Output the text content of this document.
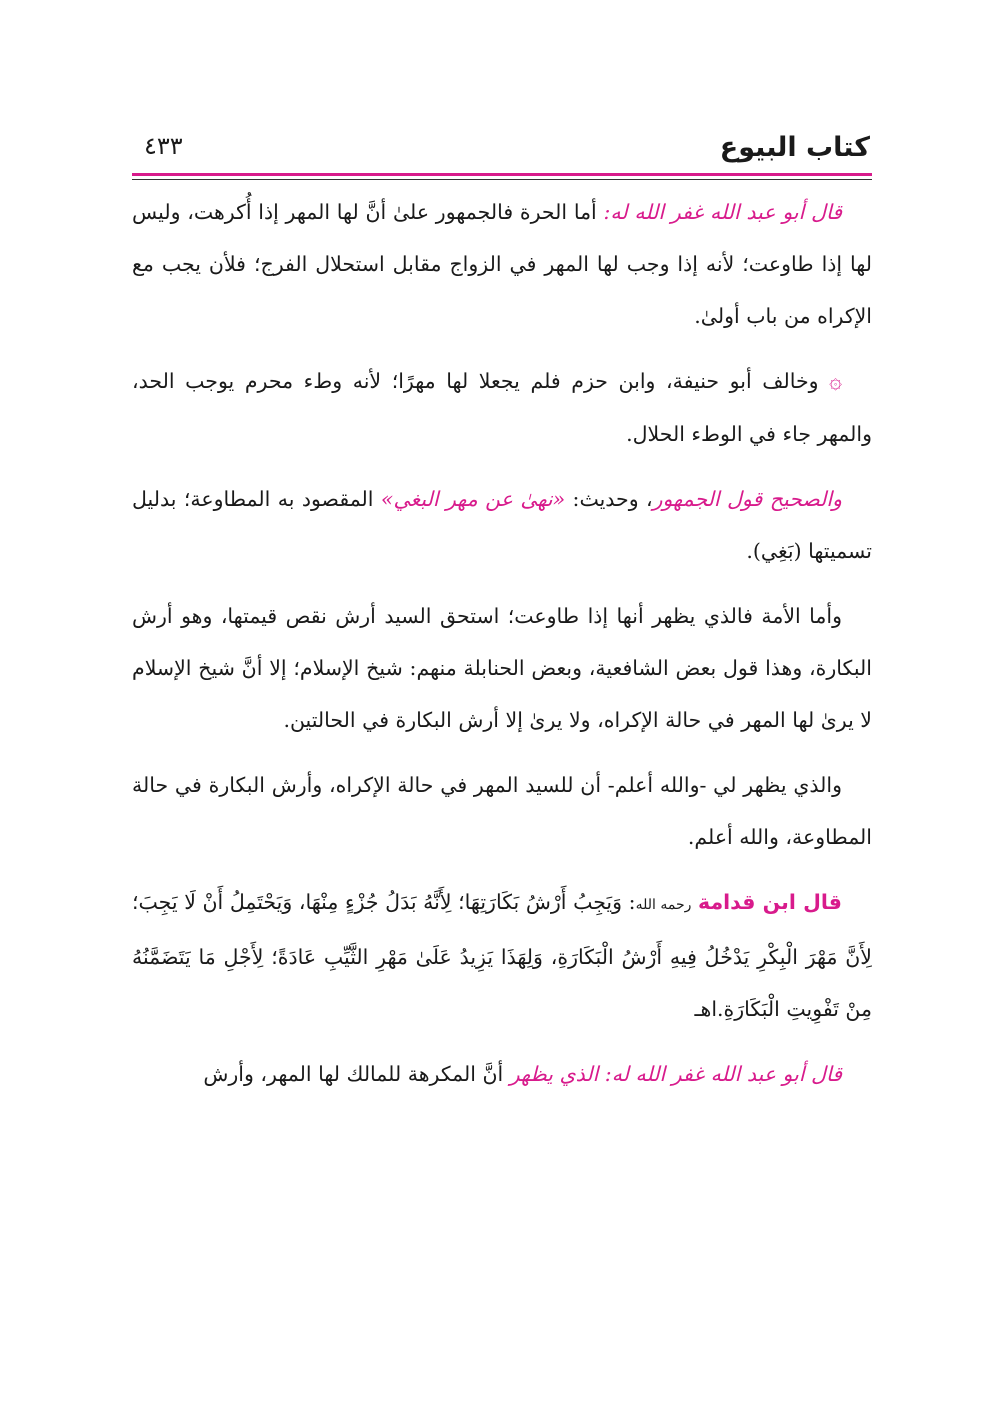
كتاب البيوع
٤٣٣

قال أبو عبد الله غفر الله له: أما الحرة فالجمهور علىٰ أنَّ لها المهر إذا أُكرهت، وليس لها إذا طاوعت؛ لأنه إذا وجب لها المهر في الزواج مقابل استحلال الفرج؛ فلأن يجب مع الإكراه من باب أولىٰ.

۞ وخالف أبو حنيفة، وابن حزم فلم يجعلا لها مهرًا؛ لأنه وطء محرم يوجب الحد، والمهر جاء في الوطء الحلال.

والصحيح قول الجمهور، وحديث: «نهىٰ عن مهر البغي» المقصود به المطاوعة؛ بدليل تسميتها (بَغِي).

وأما الأمة فالذي يظهر أنها إذا طاوعت؛ استحق السيد أرش نقص قيمتها، وهو أرش البكارة، وهذا قول بعض الشافعية، وبعض الحنابلة منهم: شيخ الإسلام؛ إلا أنَّ شيخ الإسلام لا يرىٰ لها المهر في حالة الإكراه، ولا يرىٰ إلا أرش البكارة في الحالتين.

والذي يظهر لي -والله أعلم- أن للسيد المهر في حالة الإكراه، وأرش البكارة في حالة المطاوعة، والله أعلم.

قال ابن قدامة رحمه الله: وَيَجِبُ أَرْشُ بَكَارَتِهَا؛ لِأَنَّهُ بَدَلُ جُزْءٍ مِنْهَا، وَيَحْتَمِلُ أَنْ لَا يَجِبَ؛ لِأَنَّ مَهْرَ الْبِكْرِ يَدْخُلُ فِيهِ أَرْشُ الْبَكَارَةِ، وَلِهَذَا يَزِيدُ عَلَىٰ مَهْرِ الثَّيِّبِ عَادَةً؛ لِأَجْلِ مَا يَتَضَمَّنُهُ مِنْ تَفْوِيتِ الْبَكَارَةِ.اهـ

قال أبو عبد الله غفر الله له: الذي يظهر أنَّ المكرهة للمالك لها المهر، وأرش
